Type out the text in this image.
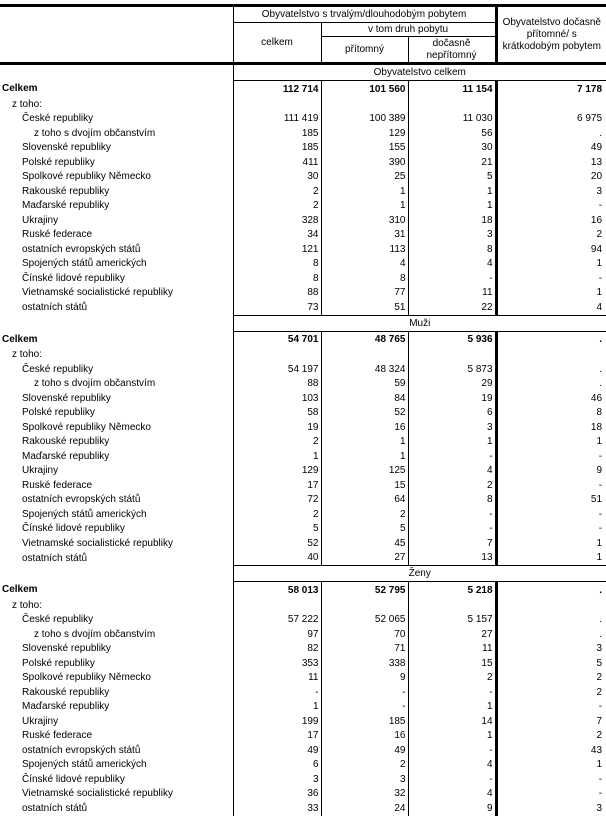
	Obyvatelstvo s trvalým/dlouhodobým pobytem			Obyvatelstvo dočasně přítomné/ s krátkodobým pobytem
	celkem	v tom druh pobytu		
		přítomný	dočasně nepřítomný	
	Obyvatelstvo celkem			
Celkem	112 714	101 560	11 154	7 178
z toho:				
České republiky	111 419	100 389	11 030	6 975
z toho s dvojím občanstvím	185	129	56	.
Slovenské republiky	185	155	30	49
Polské republiky	411	390	21	13
Spolkové republiky Německo	30	25	5	20
Rakouské republiky	2	1	1	3
Maďarské republiky	2	1	1	-
Ukrajiny	328	310	18	16
Ruské federace	34	31	3	2
ostatních evropských států	121	113	8	94
Spojených států amerických	8	4	4	1
Čínské lidové republiky	8	8	-	-
Vietnamské socialistické republiky	88	77	11	1
ostatních států	73	51	22	4
	Muži			
Celkem	54 701	48 765	5 936	.
z toho:				
České republiky	54 197	48 324	5 873	.
z toho s dvojím občanstvím	88	59	29	.
Slovenské republiky	103	84	19	46
Polské republiky	58	52	6	8
Spolkové republiky Německo	19	16	3	18
Rakouské republiky	2	1	1	1
Maďarské republiky	1	1	-	-
Ukrajiny	129	125	4	9
Ruské federace	17	15	2	-
ostatních evropských států	72	64	8	51
Spojených států amerických	2	2	-	-
Čínské lidové republiky	5	5	-	-
Vietnamské socialistické republiky	52	45	7	1
ostatních států	40	27	13	1
	Ženy			
Celkem	58 013	52 795	5 218	.
z toho:				
České republiky	57 222	52 065	5 157	.
z toho s dvojím občanstvím	97	70	27	.
Slovenské republiky	82	71	11	3
Polské republiky	353	338	15	5
Spolkové republiky Německo	11	9	2	2
Rakouské republiky	-	-	-	2
Maďarské republiky	1	-	1	-
Ukrajiny	199	185	14	7
Ruské federace	17	16	1	2
ostatních evropských států	49	49	-	43
Spojených států amerických	6	2	4	1
Čínské lidové republiky	3	3	-	-
Vietnamské socialistické republiky	36	32	4	-
ostatních států	33	24	9	3
